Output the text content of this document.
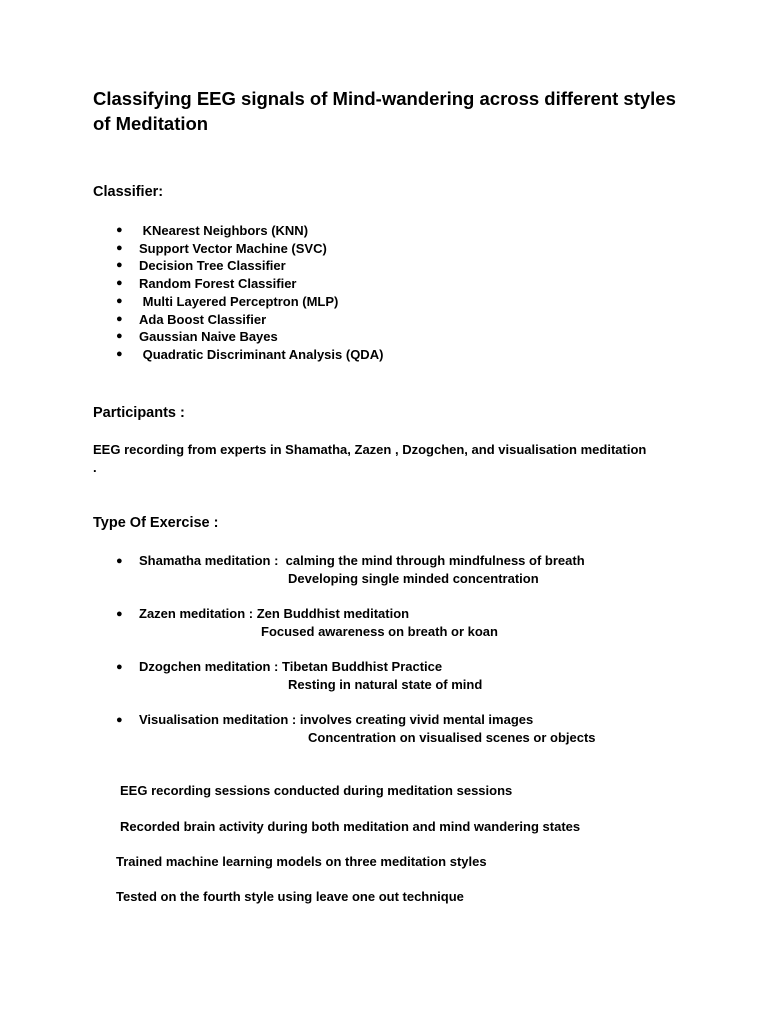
Classifying EEG signals of Mind-wandering across different styles of Meditation
Classifier:
● KNearest Neighbors (KNN)
● Support Vector Machine (SVC)
● Decision Tree Classifier
● Random Forest Classifier
● Multi Layered Perceptron (MLP)
● Ada Boost Classifier
● Gaussian Naive Bayes
● Quadratic Discriminant Analysis (QDA)
Participants :

EEG recording from experts in Shamatha, Zazen , Dzogchen, and visualisation meditation .

Type Of Exercise :
● Shamatha meditation :  calming the mind through mindfulness of breath
Developing single minded concentration
● Zazen meditation : Zen Buddhist meditation
Focused awareness on breath or koan
● Dzogchen meditation : Tibetan Buddhist Practice
Resting in natural state of mind
● Visualisation meditation : involves creating vivid mental images
Concentration on visualised scenes or objects

EEG recording sessions conducted during meditation sessions

Recorded brain activity during both meditation and mind wandering states

Trained machine learning models on three meditation styles

Tested on the fourth style using leave one out technique
